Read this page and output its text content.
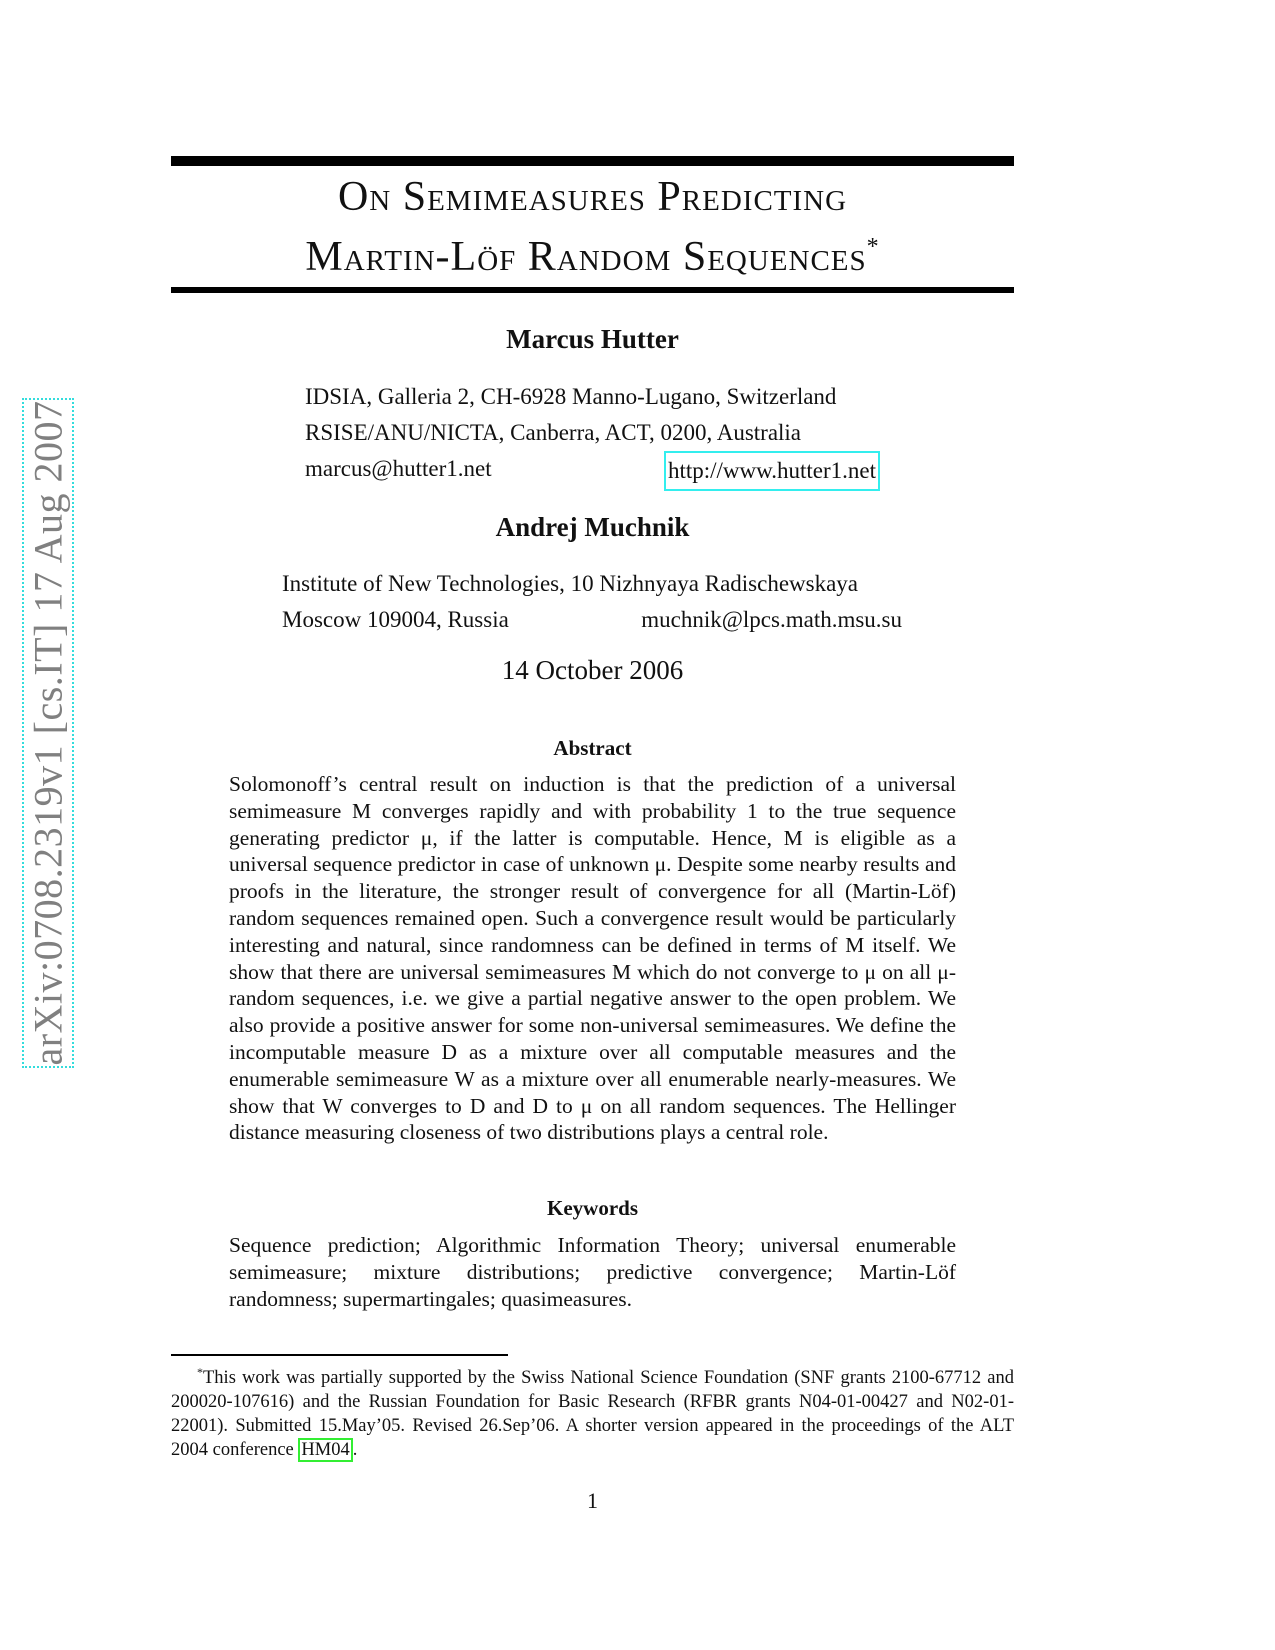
arXiv:0708.2319v1 [cs.IT] 17 Aug 2007
On Semimeasures Predicting
Martin-Löf Random Sequences*
Marcus Hutter
IDSIA, Galleria 2, CH-6928 Manno-Lugano, Switzerland
RSISE/ANU/NICTA, Canberra, ACT, 0200, Australia
marcus@hutter1.net	http://www.hutter1.net
Andrej Muchnik
Institute of New Technologies, 10 Nizhnyaya Radischewskaya
Moscow 109004, Russia	muchnik@lpcs.math.msu.su
14 October 2006
Abstract
Solomonoff’s central result on induction is that the prediction of a universal semimeasure M converges rapidly and with probability 1 to the true sequence generating predictor μ, if the latter is computable. Hence, M is eligible as a universal sequence predictor in case of unknown μ. Despite some nearby results and proofs in the literature, the stronger result of convergence for all (Martin-Löf) random sequences remained open. Such a convergence result would be particularly interesting and natural, since randomness can be defined in terms of M itself. We show that there are universal semimeasures M which do not converge to μ on all μ-random sequences, i.e. we give a partial negative answer to the open problem. We also provide a positive answer for some non-universal semimeasures. We define the incomputable measure D as a mixture over all computable measures and the enumerable semimeasure W as a mixture over all enumerable nearly-measures. We show that W converges to D and D to μ on all random sequences. The Hellinger distance measuring closeness of two distributions plays a central role.
Keywords
Sequence prediction; Algorithmic Information Theory; universal enumerable semimeasure; mixture distributions; predictive convergence; Martin-Löf randomness; supermartingales; quasimeasures.
*This work was partially supported by the Swiss National Science Foundation (SNF grants 2100-67712 and 200020-107616) and the Russian Foundation for Basic Research (RFBR grants N04-01-00427 and N02-01-22001). Submitted 15.May’05. Revised 26.Sep’06. A shorter version appeared in the proceedings of the ALT 2004 conference HM04 .
1
